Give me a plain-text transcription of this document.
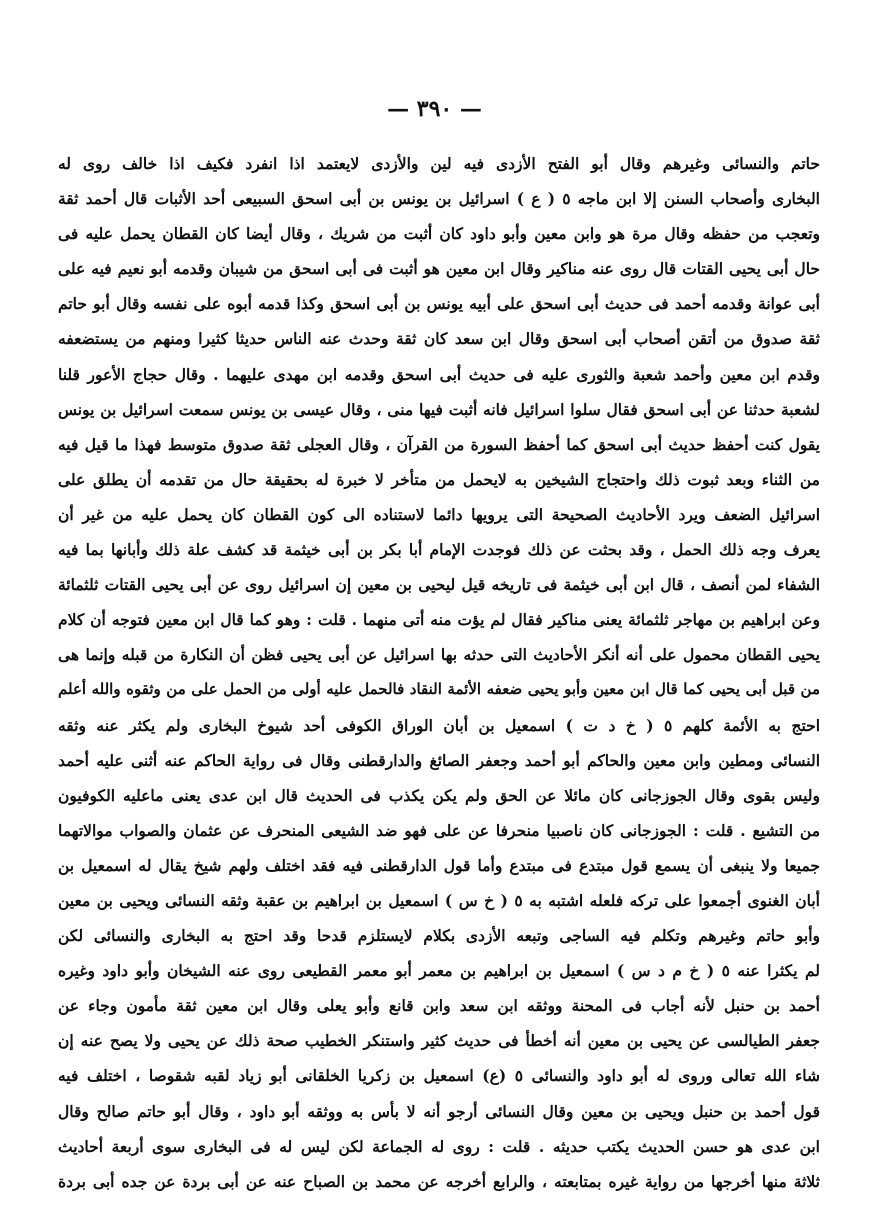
— ٣٩٠ —
حاتم والنسائى وغيرهم وقال أبو الفتح الأزدى فيه لين والأزدى لايعتمد اذا انفرد فكيف اذا خالف روى له
البخارى وأصحاب السنن إلا ابن ماجه ٥ ( ع ) اسرائيل بن يونس بن أبى اسحق السبيعى أحد الأثبات قال أحمد ثقة
وتعجب من حفظه وقال مرة هو وابن معين وأبو داود كان أثبت من شريك ، وقال أيضا كان القطان يحمل عليه فى
حال أبى يحيى القتات قال روى عنه مناكير وقال ابن معين هو أثبت فى أبى اسحق من شيبان وقدمه أبو نعيم فيه على
أبى عوانة وقدمه أحمد فى حديث أبى اسحق على أبيه يونس بن أبى اسحق وكذا قدمه أبوه على نفسه وقال أبو حاتم
ثقة صدوق من أتقن أصحاب أبى اسحق وقال ابن سعد كان ثقة وحدث عنه الناس حديثا كثيرا ومنهم من يستضعفه
وقدم ابن معين وأحمد شعبة والثورى عليه فى حديث أبى اسحق وقدمه ابن مهدى عليهما . وقال حجاج الأعور قلنا
لشعبة حدثنا عن أبى اسحق فقال سلوا اسرائيل فانه أثبت فيها منى ، وقال عيسى بن يونس سمعت اسرائيل بن يونس
يقول كنت أحفظ حديث أبى اسحق كما أحفظ السورة من القرآن ، وقال العجلى ثقة صدوق متوسط فهذا ما قيل فيه
من الثناء وبعد ثبوت ذلك واحتجاج الشيخين به لايحمل من متأخر لا خبرة له بحقيقة حال من تقدمه أن يطلق على
اسرائيل الضعف ويرد الأحاديث الصحيحة التى يرويها دائما لاستناده الى كون القطان كان يحمل عليه من غير أن
يعرف وجه ذلك الحمل ، وقد بحثت عن ذلك فوجدت الإمام أبا بكر بن أبى خيثمة قد كشف علة ذلك وأبانها بما فيه
الشفاء لمن أنصف ، قال ابن أبى خيثمة فى تاريخه قيل ليحيى بن معين إن اسرائيل روى عن أبى يحيى القتات ثلثمائة
وعن ابراهيم بن مهاجر ثلثمائة يعنى مناكير فقال لم يؤت منه أتى منهما . قلت : وهو كما قال ابن معين فتوجه أن كلام
يحيى القطان محمول على أنه أنكر الأحاديث التى حدثه بها اسرائيل عن أبى يحيى فظن أن النكارة من قبله وإنما هى
من قبل أبى يحيى كما قال ابن معين وأبو يحيى ضعفه الأئمة النقاد فالحمل عليه أولى من الحمل على من وثقوه والله أعلم
احتج به الأئمة كلهم ٥ ( خ د ت ) اسمعيل بن أبان الوراق الكوفى أحد شيوخ البخارى ولم يكثر عنه وثقه
النسائى ومطين وابن معين والحاكم أبو أحمد وجعفر الصائغ والدارقطنى وقال فى رواية الحاكم عنه أثنى عليه أحمد
وليس بقوى وقال الجوزجانى كان مائلا عن الحق ولم يكن يكذب فى الحديث قال ابن عدى يعنى ماعليه الكوفيون
من التشيع . قلت : الجوزجانى كان ناصبيا منحرفا عن على فهو ضد الشيعى المنحرف عن عثمان والصواب موالاتهما
جميعا ولا ينبغى أن يسمع قول مبتدع فى مبتدع وأما قول الدارقطنى فيه فقد اختلف ولهم شيخ يقال له اسمعيل بن
أبان الغنوى أجمعوا على تركه فلعله اشتبه به ٥ ( خ س ) اسمعيل بن ابراهيم بن عقبة وثقه النسائى ويحيى بن معين
وأبو حاتم وغيرهم وتكلم فيه الساجى وتبعه الأزدى بكلام لايستلزم قدحا وقد احتج به البخارى والنسائى لكن
لم يكثرا عنه ٥ ( خ م د س ) اسمعيل بن ابراهيم بن معمر أبو معمر القطيعى روى عنه الشيخان وأبو داود وغيره
أحمد بن حنبل لأنه أجاب فى المحنة ووثقه ابن سعد وابن قانع وأبو يعلى وقال ابن معين ثقة مأمون وجاء عن
جعفر الطيالسى عن يحيى بن معين أنه أخطأ فى حديث كثير واستنكر الخطيب صحة ذلك عن يحيى ولا يصح عنه إن
شاء الله تعالى وروى له أبو داود والنسائى ٥ (ع) اسمعيل بن زكريا الخلقانى أبو زياد لقبه شقوصا ، اختلف فيه
قول أحمد بن حنبل ويحيى بن معين وقال النسائى أرجو أنه لا بأس به ووثقه أبو داود ، وقال أبو حاتم صالح وقال
ابن عدى هو حسن الحديث يكتب حديثه . قلت : روى له الجماعة لكن ليس له فى البخارى سوى أربعة أحاديث
ثلاثة منها أخرجها من رواية غيره بمتابعته ، والرابع أخرجه عن محمد بن الصباح عنه عن أبى بردة عن جده أبى بردة
